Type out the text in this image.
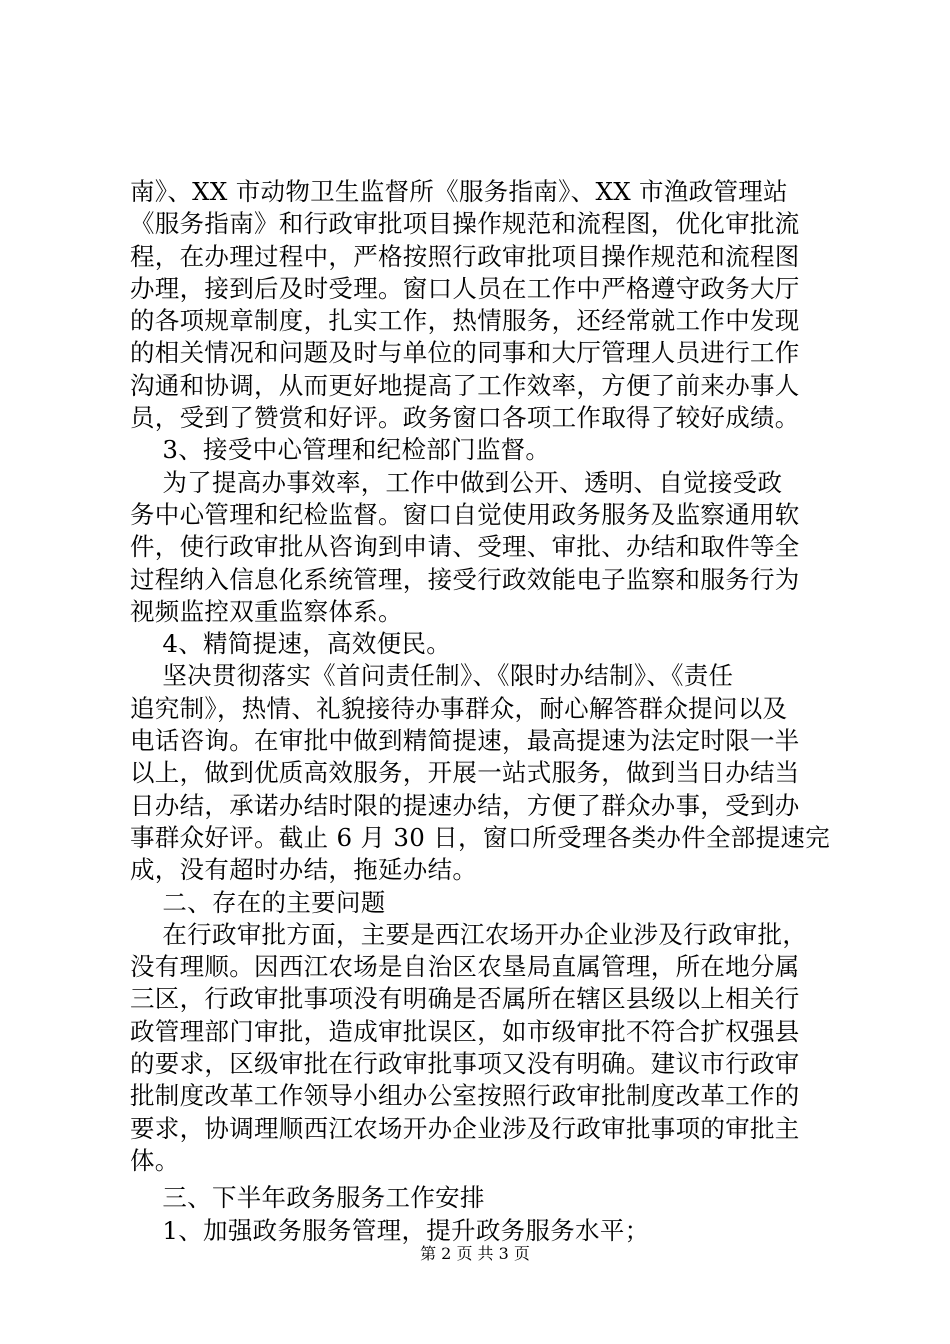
南》、XX 市动物卫生监督所《服务指南》、XX 市渔政管理站
《服务指南》和行政审批项目操作规范和流程图，优化审批流
程，在办理过程中，严格按照行政审批项目操作规范和流程图
办理，接到后及时受理。窗口人员在工作中严格遵守政务大厅
的各项规章制度，扎实工作，热情服务，还经常就工作中发现
的相关情况和问题及时与单位的同事和大厅管理人员进行工作
沟通和协调，从而更好地提高了工作效率，方便了前来办事人
员，受到了赞赏和好评。政务窗口各项工作取得了较好成绩。
3、接受中心管理和纪检部门监督。
为了提高办事效率，工作中做到公开、透明、自觉接受政
务中心管理和纪检监督。窗口自觉使用政务服务及监察通用软
件，使行政审批从咨询到申请、受理、审批、办结和取件等全
过程纳入信息化系统管理，接受行政效能电子监察和服务行为
视频监控双重监察体系。
4、精简提速，高效便民。
坚决贯彻落实《首问责任制》、《限时办结制》、《责任
追究制》，热情、礼貌接待办事群众，耐心解答群众提问以及
电话咨询。在审批中做到精简提速，最高提速为法定时限一半
以上，做到优质高效服务，开展一站式服务，做到当日办结当
日办结，承诺办结时限的提速办结，方便了群众办事，受到办
事群众好评。截止 6 月 30 日，窗口所受理各类办件全部提速完
成，没有超时办结，拖延办结。
二、存在的主要问题
在行政审批方面，主要是西江农场开办企业涉及行政审批，
没有理顺。因西江农场是自治区农垦局直属管理，所在地分属
三区，行政审批事项没有明确是否属所在辖区县级以上相关行
政管理部门审批，造成审批误区，如市级审批不符合扩权强县
的要求，区级审批在行政审批事项又没有明确。建议市行政审
批制度改革工作领导小组办公室按照行政审批制度改革工作的
要求，协调理顺西江农场开办企业涉及行政审批事项的审批主
体。
三、下半年政务服务工作安排
1、加强政务服务管理，提升政务服务水平；
第 2 页 共 3 页
